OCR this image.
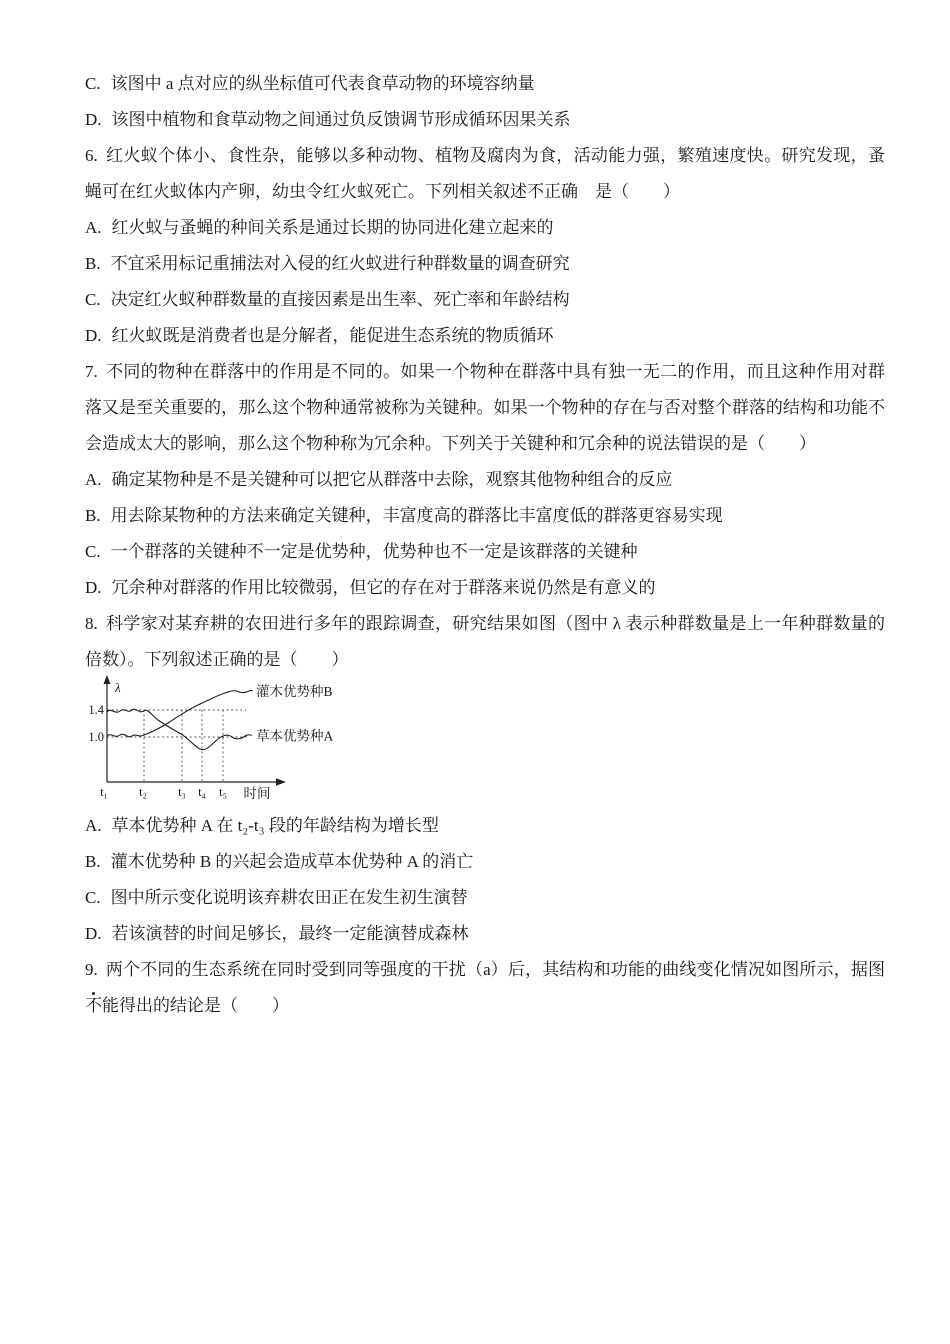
C. 该图中 a 点对应的纵坐标值可代表食草动物的环境容纳量

D. 该图中植物和食草动物之间通过负反馈调节形成循环因果关系

6. 红火蚁个体小、食性杂，能够以多种动物、植物及腐肉为食，活动能力强，繁殖速度快。研究发现，蚤蝇可在红火蚁体内产卵，幼虫令红火蚁死亡。下列相关叙述不正确　是（　　）

A. 红火蚁与蚤蝇的种间关系是通过长期的协同进化建立起来的

B. 不宜采用标记重捕法对入侵的红火蚁进行种群数量的调查研究

C. 决定红火蚁种群数量的直接因素是出生率、死亡率和年龄结构

D. 红火蚁既是消费者也是分解者，能促进生态系统的物质循环

7. 不同的物种在群落中的作用是不同的。如果一个物种在群落中具有独一无二的作用，而且这种作用对群落又是至关重要的，那么这个物种通常被称为关键种。如果一个物种的存在与否对整个群落的结构和功能不会造成太大的影响，那么这个物种称为冗余种。下列关于关键种和冗余种的说法错误的是（　　）

A. 确定某物种是不是关键种可以把它从群落中去除，观察其他物种组合的反应

B. 用去除某物种的方法来确定关键种，丰富度高的群落比丰富度低的群落更容易实现

C. 一个群落的关键种不一定是优势种，优势种也不一定是该群落的关键种

D. 冗余种对群落的作用比较微弱，但它的存在对于群落来说仍然是有意义的

8. 科学家对某弃耕的农田进行多年的跟踪调查，研究结果如图（图中 λ 表示种群数量是上一年种群数量的倍数）。下列叙述正确的是（　　）

λ
1.4
1.0
t₁ t₂ t₃ t₄ t₅ 时间
灌木优势种B
草本优势种A

A. 草本优势种 A 在 t₂-t₃ 段的年龄结构为增长型

B. 灌木优势种 B 的兴起会造成草本优势种 A 的消亡

C. 图中所示变化说明该弃耕农田正在发生初生演替

D. 若该演替的时间足够长，最终一定能演替成森林

9. 两个不同的生态系统在同时受到同等强度的干扰（a）后，其结构和功能的曲线变化情况如图所示，据图不能得出的结论是（　　）
